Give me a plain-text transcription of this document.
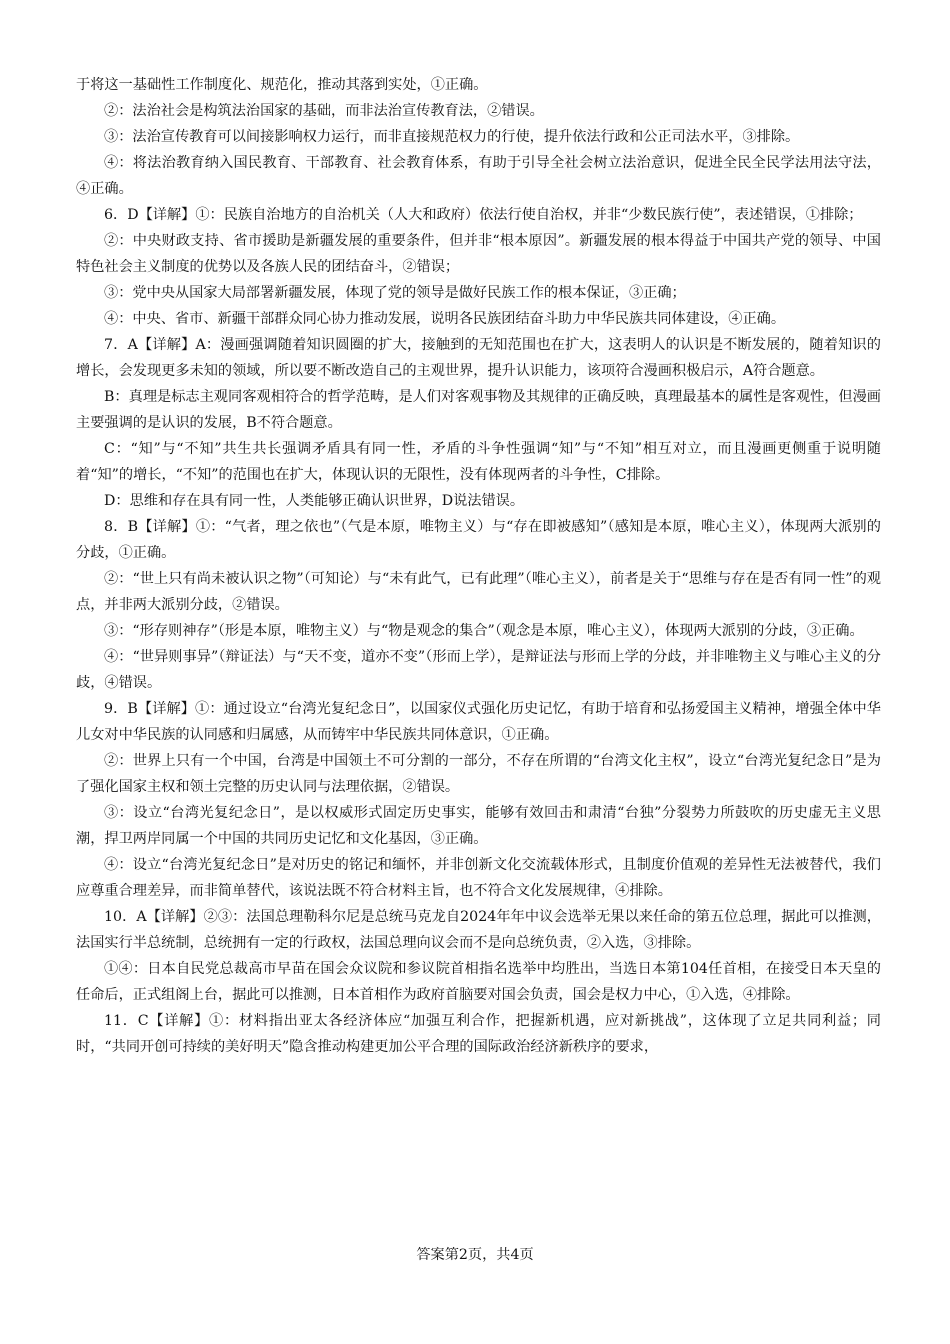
于将这一基础性工作制度化、规范化，推动其落到实处，①正确。

②：法治社会是构筑法治国家的基础，而非法治宣传教育法，②错误。

③：法治宣传教育可以间接影响权力运行，而非直接规范权力的行使，提升依法行政和公正司法水平，③排除。

④：将法治教育纳入国民教育、干部教育、社会教育体系，有助于引导全社会树立法治意识，促进全民全民学法用法守法，④正确。

6．D【详解】①：民族自治地方的自治机关（人大和政府）依法行使自治权，并非“少数民族行使”，表述错误，①排除；

②：中央财政支持、省市援助是新疆发展的重要条件，但并非“根本原因”。新疆发展的根本得益于中国共产党的领导、中国特色社会主义制度的优势以及各族人民的团结奋斗，②错误；

③：党中央从国家大局部署新疆发展，体现了党的领导是做好民族工作的根本保证，③正确；

④：中央、省市、新疆干部群众同心协力推动发展，说明各民族团结奋斗助力中华民族共同体建设，④正确。

7．A【详解】A：漫画强调随着知识圆圈的扩大，接触到的无知范围也在扩大，这表明人的认识是不断发展的，随着知识的增长，会发现更多未知的领域，所以要不断改造自己的主观世界，提升认识能力，该项符合漫画积极启示，A符合题意。

B：真理是标志主观同客观相符合的哲学范畴，是人们对客观事物及其规律的正确反映，真理最基本的属性是客观性，但漫画主要强调的是认识的发展，B不符合题意。

C：“知”与“不知”共生共长强调矛盾具有同一性，矛盾的斗争性强调“知”与“不知”相互对立，而且漫画更侧重于说明随着“知”的增长，“不知”的范围也在扩大，体现认识的无限性，没有体现两者的斗争性，C排除。

D：思维和存在具有同一性，人类能够正确认识世界，D说法错误。

8．B【详解】①：“气者，理之依也”（气是本原，唯物主义）与“存在即被感知”（感知是本原，唯心主义），体现两大派别的分歧，①正确。

②：“世上只有尚未被认识之物”（可知论）与“未有此气，已有此理”（唯心主义），前者是关于“思维与存在是否有同一性”的观点，并非两大派别分歧，②错误。

③：“形存则神存”（形是本原，唯物主义）与“物是观念的集合”（观念是本原，唯心主义），体现两大派别的分歧，③正确。

④：“世异则事异”（辩证法）与“天不变，道亦不变”（形而上学），是辩证法与形而上学的分歧，并非唯物主义与唯心主义的分歧，④错误。

9．B【详解】①：通过设立“台湾光复纪念日”，以国家仪式强化历史记忆，有助于培育和弘扬爱国主义精神，增强全体中华儿女对中华民族的认同感和归属感，从而铸牢中华民族共同体意识，①正确。

②：世界上只有一个中国，台湾是中国领土不可分割的一部分，不存在所谓的“台湾文化主权”，设立“台湾光复纪念日”是为了强化国家主权和领土完整的历史认同与法理依据，②错误。

③：设立“台湾光复纪念日”，是以权威形式固定历史事实，能够有效回击和肃清“台独”分裂势力所鼓吹的历史虚无主义思潮，捍卫两岸同属一个中国的共同历史记忆和文化基因，③正确。

④：设立“台湾光复纪念日”是对历史的铭记和缅怀，并非创新文化交流载体形式，且制度价值观的差异性无法被替代，我们应尊重合理差异，而非简单替代，该说法既不符合材料主旨，也不符合文化发展规律，④排除。

10．A【详解】②③：法国总理勒科尔尼是总统马克龙自2024年年中议会选举无果以来任命的第五位总理，据此可以推测，法国实行半总统制，总统拥有一定的行政权，法国总理向议会而不是向总统负责，②入选，③排除。

①④：日本自民党总裁高市早苗在国会众议院和参议院首相指名选举中均胜出，当选日本第104任首相，在接受日本天皇的任命后，正式组阁上台，据此可以推测，日本首相作为政府首脑要对国会负责，国会是权力中心，①入选，④排除。

11．C【详解】①：材料指出亚太各经济体应“加强互利合作，把握新机遇，应对新挑战”，这体现了立足共同利益；同时，“共同开创可持续的美好明天”隐含推动构建更加公平合理的国际政治经济新秩序的要求，

答案第2页，共4页
